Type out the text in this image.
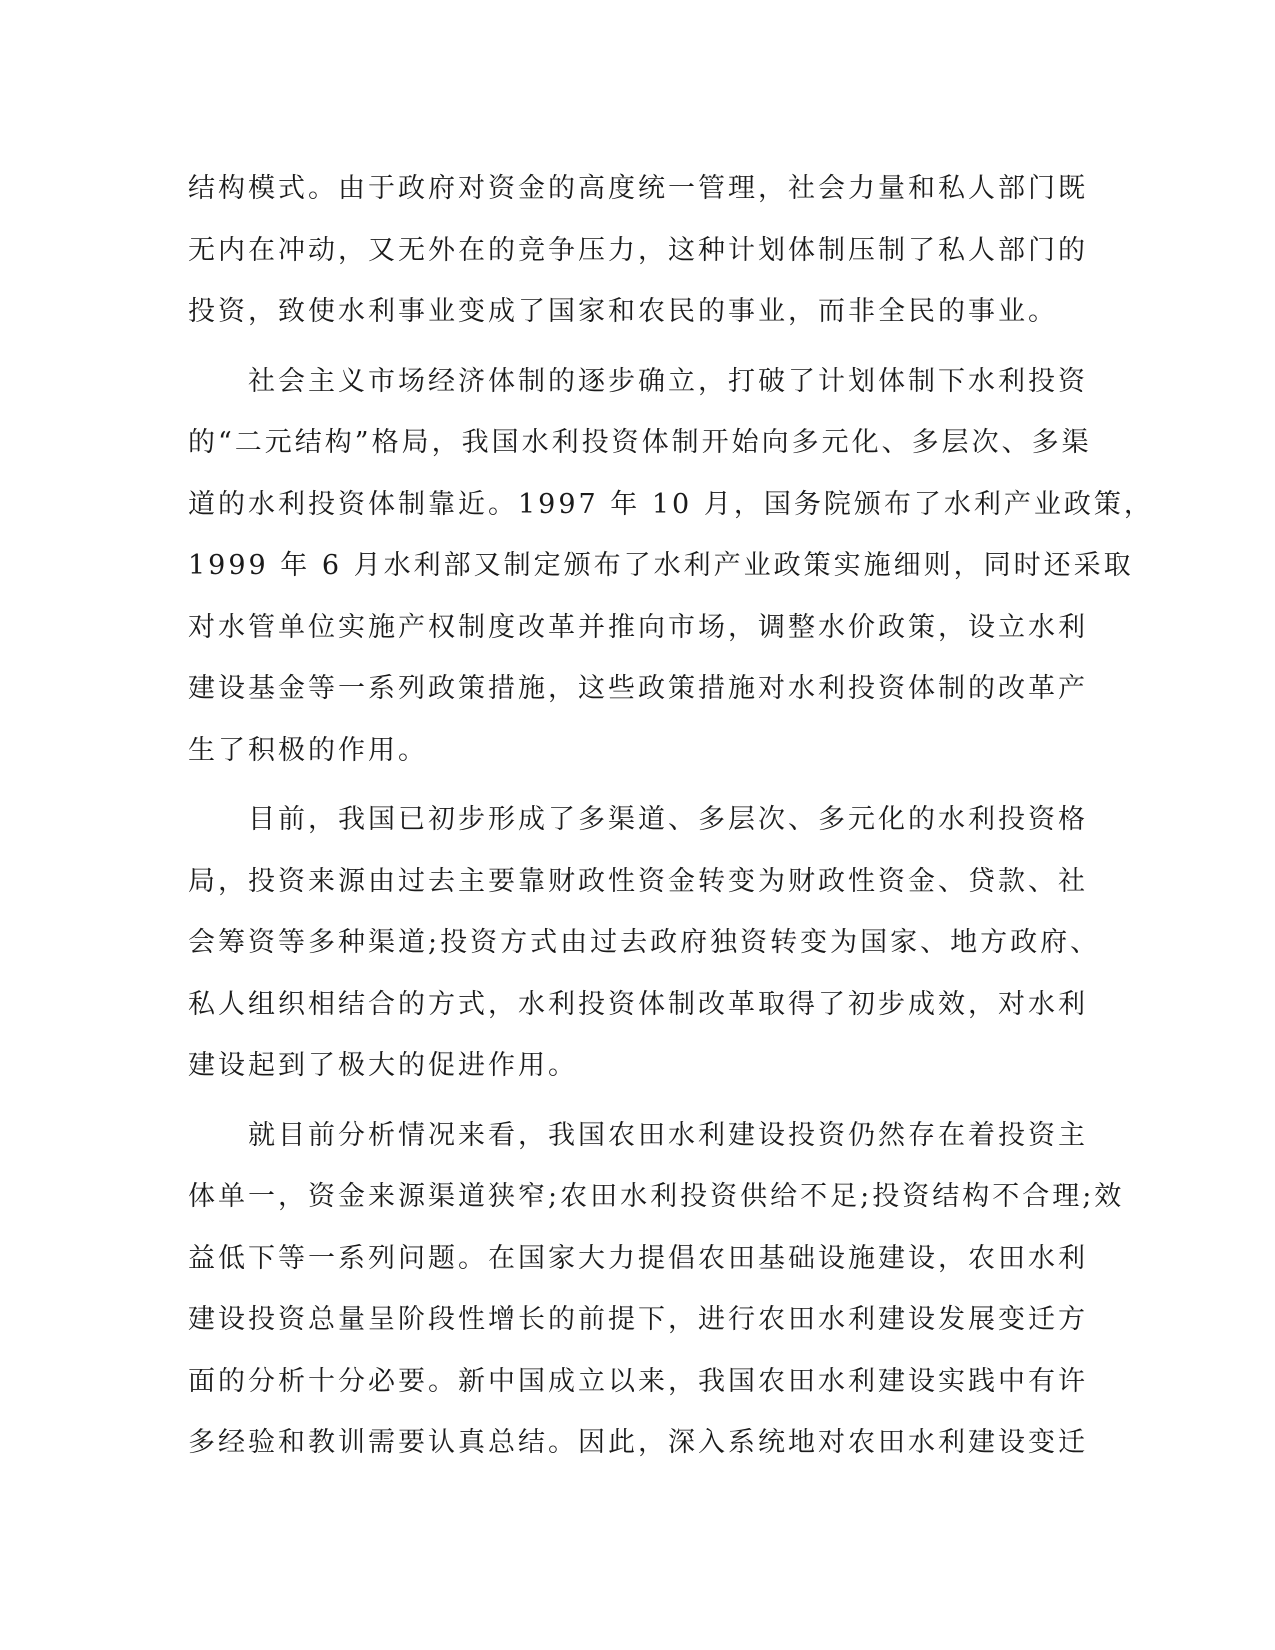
结构模式。由于政府对资金的高度统一管理，社会力量和私人部门既
无内在冲动，又无外在的竞争压力，这种计划体制压制了私人部门的
投资，致使水利事业变成了国家和农民的事业，而非全民的事业。
　　社会主义市场经济体制的逐步确立，打破了计划体制下水利投资
的“二元结构”格局，我国水利投资体制开始向多元化、多层次、多渠
道的水利投资体制靠近。1997 年 10 月，国务院颁布了水利产业政策，
1999 年 6 月水利部又制定颁布了水利产业政策实施细则，同时还采取
对水管单位实施产权制度改革并推向市场，调整水价政策，设立水利
建设基金等一系列政策措施，这些政策措施对水利投资体制的改革产
生了积极的作用。
　　目前，我国已初步形成了多渠道、多层次、多元化的水利投资格
局，投资来源由过去主要靠财政性资金转变为财政性资金、贷款、社
会筹资等多种渠道;投资方式由过去政府独资转变为国家、地方政府、
私人组织相结合的方式，水利投资体制改革取得了初步成效，对水利
建设起到了极大的促进作用。
　　就目前分析情况来看，我国农田水利建设投资仍然存在着投资主
体单一，资金来源渠道狭窄;农田水利投资供给不足;投资结构不合理;效
益低下等一系列问题。在国家大力提倡农田基础设施建设，农田水利
建设投资总量呈阶段性增长的前提下，进行农田水利建设发展变迁方
面的分析十分必要。新中国成立以来，我国农田水利建设实践中有许
多经验和教训需要认真总结。因此，深入系统地对农田水利建设变迁
